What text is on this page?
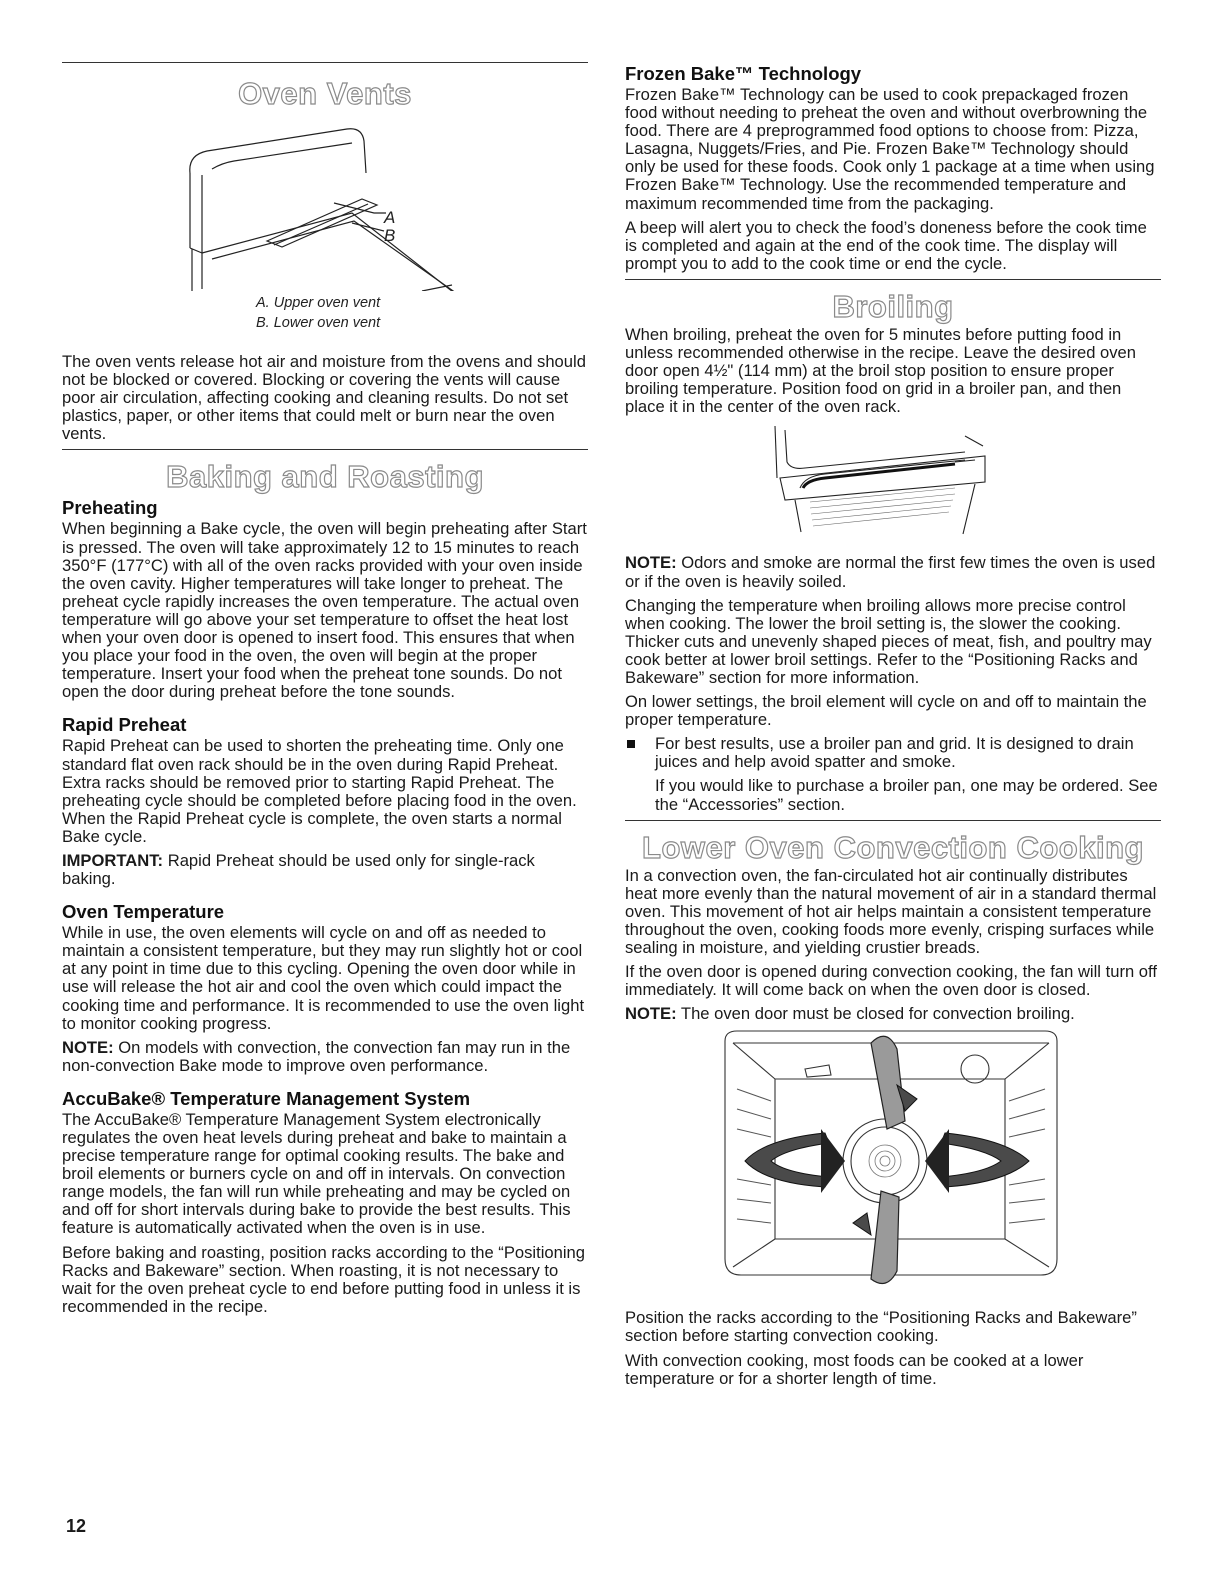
Oven Vents
A
B
A. Upper oven vent
B. Lower oven vent

The oven vents release hot air and moisture from the ovens and should not be blocked or covered. Blocking or covering the vents will cause poor air circulation, affecting cooking and cleaning results. Do not set plastics, paper, or other items that could melt or burn near the oven vents.

Baking and Roasting
Preheating

When beginning a Bake cycle, the oven will begin preheating after Start is pressed. The oven will take approximately 12 to 15 minutes to reach 350°F (177°C) with all of the oven racks provided with your oven inside the oven cavity. Higher temperatures will take longer to preheat. The preheat cycle rapidly increases the oven temperature. The actual oven temperature will go above your set temperature to offset the heat lost when your oven door is opened to insert food. This ensures that when you place your food in the oven, the oven will begin at the proper temperature. Insert your food when the preheat tone sounds. Do not open the door during preheat before the tone sounds.

Rapid Preheat

Rapid Preheat can be used to shorten the preheating time. Only one standard flat oven rack should be in the oven during Rapid Preheat. Extra racks should be removed prior to starting Rapid Preheat. The preheating cycle should be completed before placing food in the oven. When the Rapid Preheat cycle is complete, the oven starts a normal Bake cycle.

IMPORTANT: Rapid Preheat should be used only for single-rack baking.

Oven Temperature

While in use, the oven elements will cycle on and off as needed to maintain a consistent temperature, but they may run slightly hot or cool at any point in time due to this cycling. Opening the oven door while in use will release the hot air and cool the oven which could impact the cooking time and performance. It is recommended to use the oven light to monitor cooking progress.

NOTE: On models with convection, the convection fan may run in the non-convection Bake mode to improve oven performance.

AccuBake® Temperature Management System

The AccuBake® Temperature Management System electronically regulates the oven heat levels during preheat and bake to maintain a precise temperature range for optimal cooking results. The bake and broil elements or burners cycle on and off in intervals. On convection range models, the fan will run while preheating and may be cycled on and off for short intervals during bake to provide the best results. This feature is automatically activated when the oven is in use.

Before baking and roasting, position racks according to the “Positioning Racks and Bakeware” section. When roasting, it is not necessary to wait for the oven preheat cycle to end before putting food in unless it is recommended in the recipe.

Frozen Bake™ Technology

Frozen Bake™ Technology can be used to cook prepackaged frozen food without needing to preheat the oven and without overbrowning the food. There are 4 preprogrammed food options to choose from: Pizza, Lasagna, Nuggets/Fries, and Pie. Frozen Bake™ Technology should only be used for these foods. Cook only 1 package at a time when using Frozen Bake™ Technology. Use the recommended temperature and maximum recommended time from the packaging.

A beep will alert you to check the food’s doneness before the cook time is completed and again at the end of the cook time. The display will prompt you to add to the cook time or end the cycle.

Broiling

When broiling, preheat the oven for 5 minutes before putting food in unless recommended otherwise in the recipe. Leave the desired oven door open 4½" (114 mm) at the broil stop position to ensure proper broiling temperature. Position food on grid in a broiler pan, and then place it in the center of the oven rack.

NOTE: Odors and smoke are normal the first few times the oven is used or if the oven is heavily soiled.

Changing the temperature when broiling allows more precise control when cooking. The lower the broil setting is, the slower the cooking. Thicker cuts and unevenly shaped pieces of meat, fish, and poultry may cook better at lower broil settings. Refer to the “Positioning Racks and Bakeware” section for more information.

On lower settings, the broil element will cycle on and off to maintain the proper temperature.

For best results, use a broiler pan and grid. It is designed to drain juices and help avoid spatter and smoke.

If you would like to purchase a broiler pan, one may be ordered. See the “Accessories” section.

Lower Oven Convection Cooking

In a convection oven, the fan-circulated hot air continually distributes heat more evenly than the natural movement of air in a standard thermal oven. This movement of hot air helps maintain a consistent temperature throughout the oven, cooking foods more evenly, crisping surfaces while sealing in moisture, and yielding crustier breads.

If the oven door is opened during convection cooking, the fan will turn off immediately. It will come back on when the oven door is closed.

NOTE: The oven door must be closed for convection broiling.

Position the racks according to the “Positioning Racks and Bakeware” section before starting convection cooking.

With convection cooking, most foods can be cooked at a lower temperature or for a shorter length of time.

12
